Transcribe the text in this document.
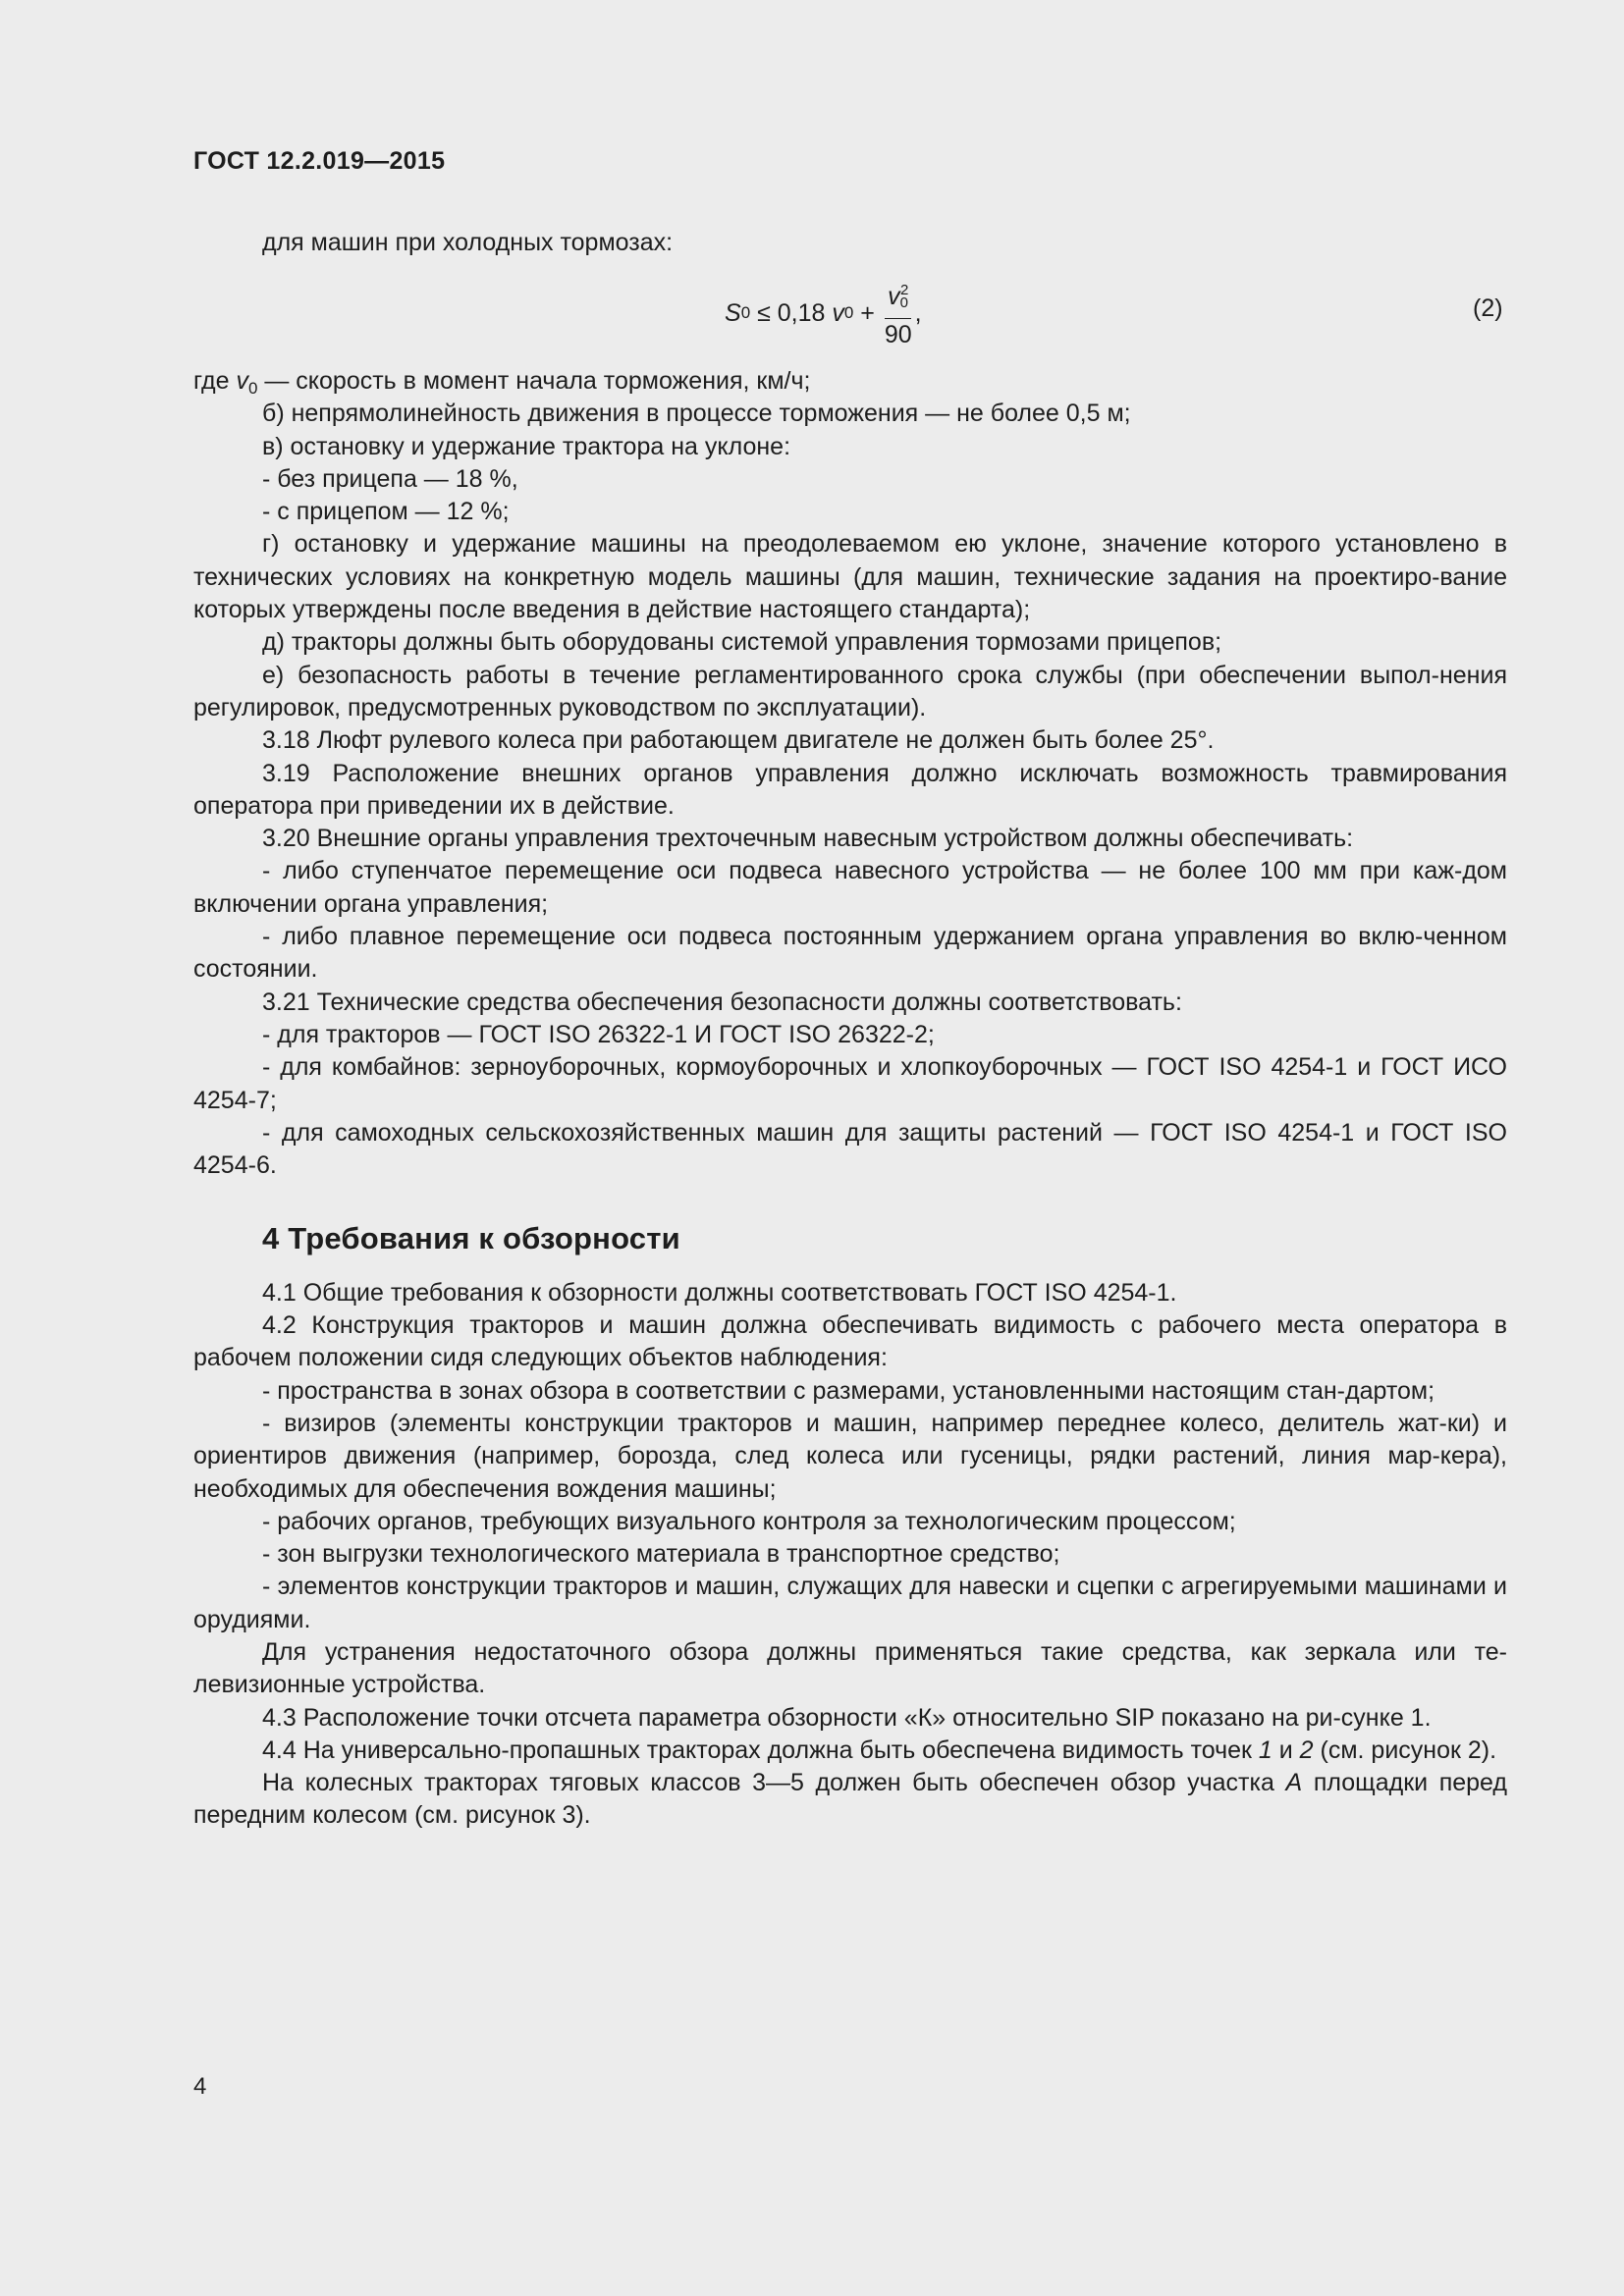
ГОСТ 12.2.019—2015
для машин при холодных тормозах:
S 0 ≤ 0,18 v $0 + \frac{v_0^2}{90}$ ,	(2)

где $v_0$ — скорость в момент начала торможения, км/ч;

б) непрямолинейность движения в процессе торможения — не более 0,5 м;

в) остановку и удержание трактора на уклоне:

- без прицепа — 18 %,

- с прицепом — 12 %;

г) остановку и удержание машины на преодолеваемом ею уклоне, значение которого установлено в технических условиях на конкретную модель машины (для машин, технические задания на проектиро-вание которых утверждены после введения в действие настоящего стандарта);

д) тракторы должны быть оборудованы системой управления тормозами прицепов;

е) безопасность работы в течение регламентированного срока службы (при обеспечении выпол-нения регулировок, предусмотренных руководством по эксплуатации).

3.18 Люфт рулевого колеса при работающем двигателе не должен быть более 25°.

3.19 Расположение внешних органов управления должно исключать возможность травмирования оператора при приведении их в действие.

3.20 Внешние органы управления трехточечным навесным устройством должны обеспечивать:

- либо ступенчатое перемещение оси подвеса навесного устройства — не более 100 мм при каж-дом включении органа управления;

- либо плавное перемещение оси подвеса постоянным удержанием органа управления во вклю-ченном состоянии.

3.21 Технические средства обеспечения безопасности должны соответствовать:

- для тракторов — ГОСТ ISO 26322-1 И ГОСТ ISO 26322-2;

- для комбайнов: зерноуборочных, кормоуборочных и хлопкоуборочных — ГОСТ ISO 4254-1 и ГОСТ ИСО 4254-7;

- для самоходных сельскохозяйственных машин для защиты растений — ГОСТ ISO 4254-1 и ГОСТ ISO 4254-6.

4 Требования к обзорности

4.1 Общие требования к обзорности должны соответствовать ГОСТ ISO 4254-1.

4.2 Конструкция тракторов и машин должна обеспечивать видимость с рабочего места оператора в рабочем положении сидя следующих объектов наблюдения:

- пространства в зонах обзора в соответствии с размерами, установленными настоящим стан-дартом;

- визиров (элементы конструкции тракторов и машин, например переднее колесо, делитель жат-ки) и ориентиров движения (например, борозда, след колеса или гусеницы, рядки растений, линия мар-кера), необходимых для обеспечения вождения машины;

- рабочих органов, требующих визуального контроля за технологическим процессом;

- зон выгрузки технологического материала в транспортное средство;

- элементов конструкции тракторов и машин, служащих для навески и сцепки с агрегируемыми машинами и орудиями.

Для устранения недостаточного обзора должны применяться такие средства, как зеркала или те-левизионные устройства.

4.3 Расположение точки отсчета параметра обзорности «К» относительно SIP показано на ри-сунке 1.

4.4 На универсально-пропашных тракторах должна быть обеспечена видимость точек 1 и 2 (см. рисунок 2).

На колесных тракторах тяговых классов 3—5 должен быть обеспечен обзор участка А площадки перед передним колесом (см. рисунок 3).

4
